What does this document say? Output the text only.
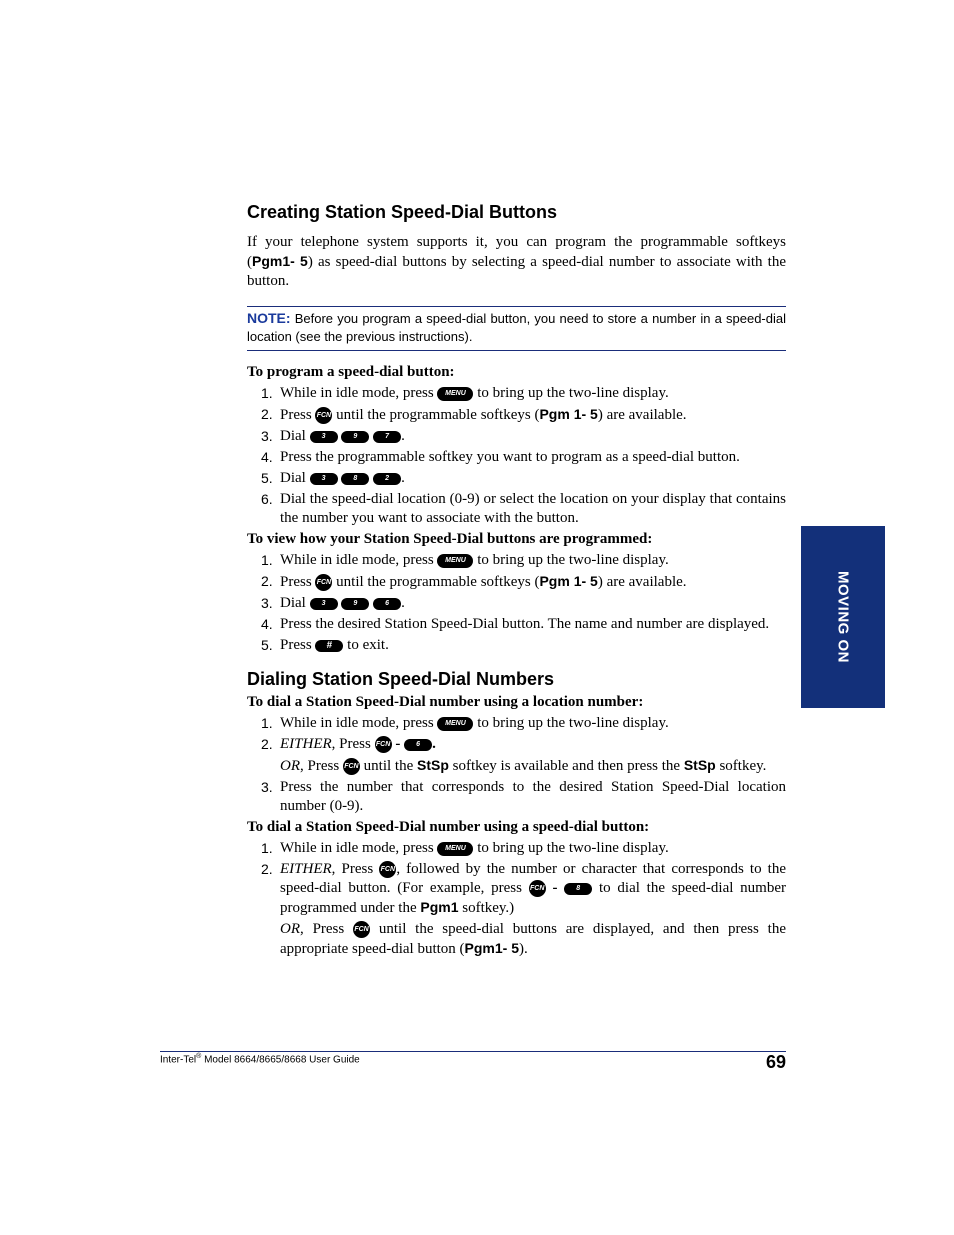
Creating Station Speed-Dial Buttons

If your telephone system supports it, you can program the programmable softkeys (Pgm1- 5) as speed-dial buttons by selecting a speed-dial number to associate with the button.

NOTE: Before you program a speed-dial button, you need to store a number in a speed-dial location (see the previous instructions).

To program a speed-dial button:

1. While in idle mode, press MENU to bring up the two-line display.
2. Press FCN until the programmable softkeys (Pgm 1- 5) are available.
3. Dial 3	9	7 .
4. Press the programmable softkey you want to program as a speed-dial button.
5. Dial 3	8	2 .
6. Dial the speed-dial location (0-9) or select the location on your display that contains the number you want to associate with the button.

To view how your Station Speed-Dial buttons are programmed:

1. While in idle mode, press MENU to bring up the two-line display.
2. Press FCN until the programmable softkeys (Pgm 1- 5) are available.
3. Dial 3	9	6 .
4. Press the desired Station Speed-Dial button. The name and number are displayed.
5. Press # to exit.
Dialing Station Speed-Dial Numbers

To dial a Station Speed-Dial number using a location number:

1. While in idle mode, press MENU to bring up the two-line display.
2. EITHER, Press FCN - 6 .
OR, Press FCN until the StSp softkey is available and then press the StSp softkey.
3. Press the number that corresponds to the desired Station Speed-Dial location number (0-9).

To dial a Station Speed-Dial number using a speed-dial button:

1. While in idle mode, press MENU to bring up the two-line display.
2. EITHER, Press FCN, followed by the number or character that corresponds to the speed-dial button. (For example, press FCN - 8 to dial the speed-dial number programmed under the Pgm1 softkey.)
OR, Press FCN until the speed-dial buttons are displayed, and then press the appropriate speed-dial button (Pgm1- 5).
MOVING ON
Inter-Tel® Model 8664/8665/8668 User Guide	69
